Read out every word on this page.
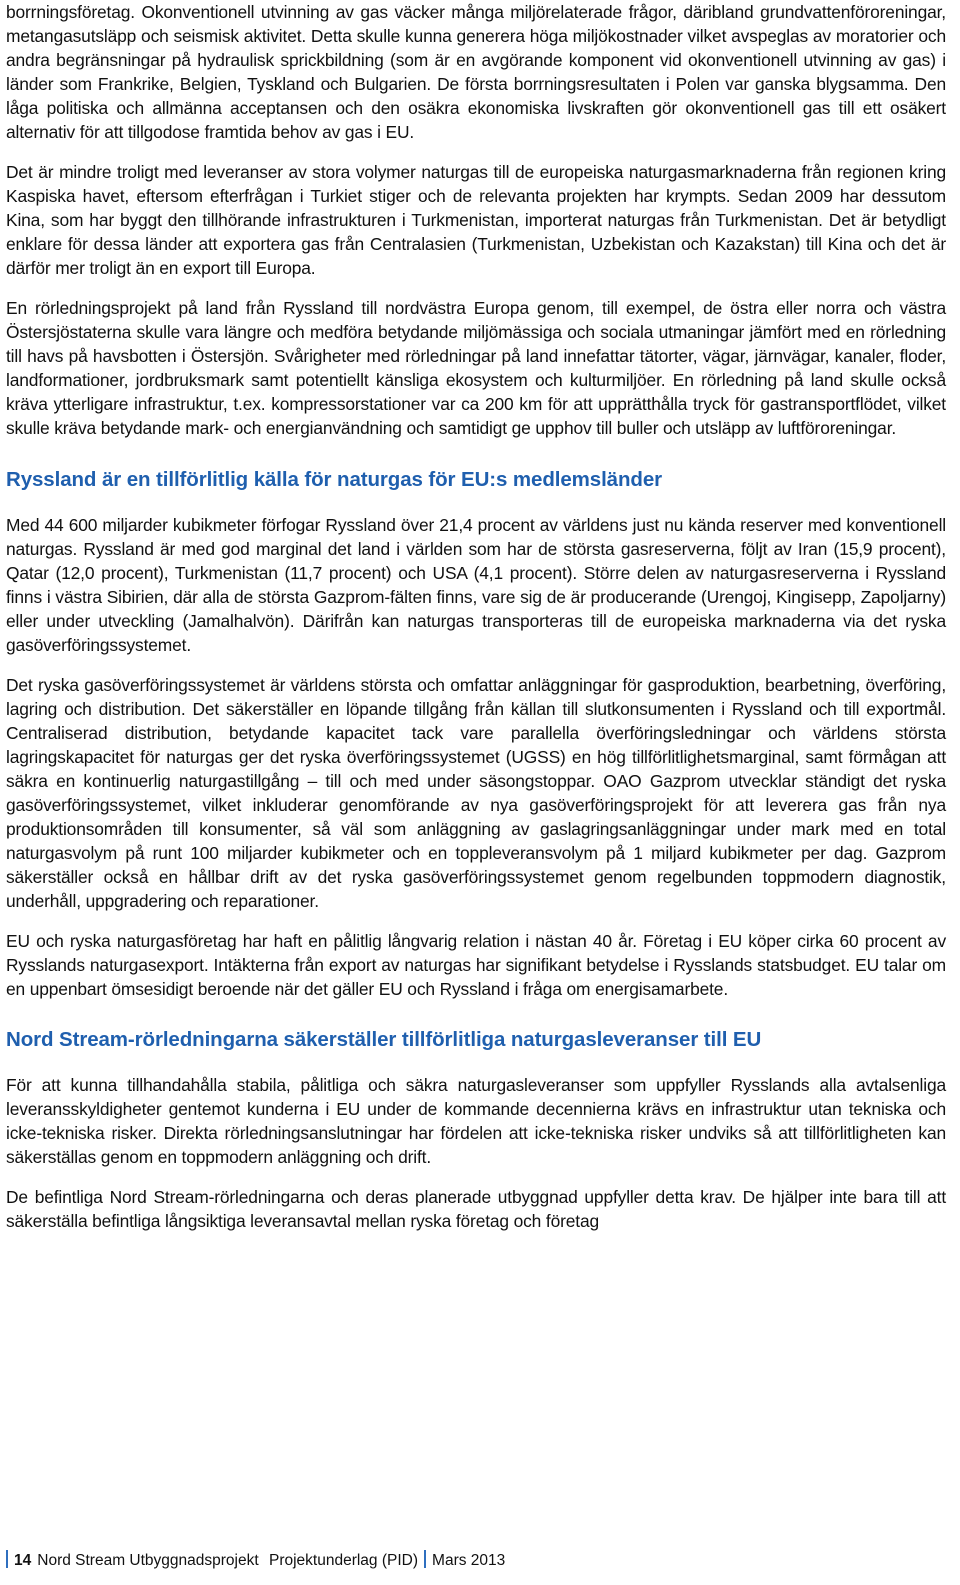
borrningsföretag. Okonventionell utvinning av gas väcker många miljörelaterade frågor, däribland grundvattenföroreningar, metangasutsläpp och seismisk aktivitet. Detta skulle kunna generera höga miljökostnader vilket avspeglas av moratorier och andra begränsningar på hydraulisk sprickbildning (som är en avgörande komponent vid okonventionell utvinning av gas) i länder som Frankrike, Belgien, Tyskland och Bulgarien. De första borrningsresultaten i Polen var ganska blygsamma. Den låga politiska och allmänna acceptansen och den osäkra ekonomiska livskraften gör okonventionell gas till ett osäkert alternativ för att tillgodose framtida behov av gas i EU.

Det är mindre troligt med leveranser av stora volymer naturgas till de europeiska naturgasmarknaderna från regionen kring Kaspiska havet, eftersom efterfrågan i Turkiet stiger och de relevanta projekten har krympts. Sedan 2009 har dessutom Kina, som har byggt den tillhörande infrastrukturen i Turkmenistan, importerat naturgas från Turkmenistan. Det är betydligt enklare för dessa länder att exportera gas från Centralasien (Turkmenistan, Uzbekistan och Kazakstan) till Kina och det är därför mer troligt än en export till Europa.

En rörledningsprojekt på land från Ryssland till nordvästra Europa genom, till exempel, de östra eller norra och västra Östersjöstaterna skulle vara längre och medföra betydande miljömässiga och sociala utmaningar jämfört med en rörledning till havs på havsbotten i Östersjön. Svårigheter med rörledningar på land innefattar tätorter, vägar, järnvägar, kanaler, floder, landformationer, jordbruksmark samt potentiellt känsliga ekosystem och kulturmiljöer. En rörledning på land skulle också kräva ytterligare infrastruktur, t.ex. kompressorstationer var ca 200 km för att upprätthålla tryck för gastransportflödet, vilket skulle kräva betydande mark- och energianvändning och samtidigt ge upphov till buller och utsläpp av luftföroreningar.

Ryssland är en tillförlitlig källa för naturgas för EU:s medlemsländer

Med 44 600 miljarder kubikmeter förfogar Ryssland över 21,4 procent av världens just nu kända reserver med konventionell naturgas. Ryssland är med god marginal det land i världen som har de största gasreserverna, följt av Iran (15,9 procent), Qatar (12,0 procent), Turkmenistan (11,7 procent) och USA (4,1 procent). Större delen av naturgasreserverna i Ryssland finns i västra Sibirien, där alla de största Gazprom-fälten finns, vare sig de är producerande (Urengoj, Kingisepp, Zapoljarny) eller under utveckling (Jamalhalvön). Därifrån kan naturgas transporteras till de europeiska marknaderna via det ryska gasöverföringssystemet.

Det ryska gasöverföringssystemet är världens största och omfattar anläggningar för gasproduktion, bearbetning, överföring, lagring och distribution. Det säkerställer en löpande tillgång från källan till slutkonsumenten i Ryssland och till exportmål. Centraliserad distribution, betydande kapacitet tack vare parallella överföringsledningar och världens största lagringskapacitet för naturgas ger det ryska överföringssystemet (UGSS) en hög tillförlitlighetsmarginal, samt förmågan att säkra en kontinuerlig naturgastillgång – till och med under säsongstoppar. OAO Gazprom utvecklar ständigt det ryska gasöverföringssystemet, vilket inkluderar genomförande av nya gasöverföringsprojekt för att leverera gas från nya produktionsområden till konsumenter, så väl som anläggning av gaslagringsanläggningar under mark med en total naturgasvolym på runt 100 miljarder kubikmeter och en toppleveransvolym på 1 miljard kubikmeter per dag. Gazprom säkerställer också en hållbar drift av det ryska gasöverföringssystemet genom regelbunden toppmodern diagnostik, underhåll, uppgradering och reparationer.

EU och ryska naturgasföretag har haft en pålitlig långvarig relation i nästan 40 år. Företag i EU köper cirka 60 procent av Rysslands naturgasexport. Intäkterna från export av naturgas har signifikant betydelse i Rysslands statsbudget. EU talar om en uppenbart ömsesidigt beroende när det gäller EU och Ryssland i fråga om energisamarbete.

Nord Stream-rörledningarna säkerställer tillförlitliga naturgasleveranser till EU

För att kunna tillhandahålla stabila, pålitliga och säkra naturgasleveranser som uppfyller Rysslands alla avtalsenliga leveransskyldigheter gentemot kunderna i EU under de kommande decennierna krävs en infrastruktur utan tekniska och icke-tekniska risker. Direkta rörledningsanslutningar har fördelen att icke-tekniska risker undviks så att tillförlitligheten kan säkerställas genom en toppmodern anläggning och drift.

De befintliga Nord Stream-rörledningarna och deras planerade utbyggnad uppfyller detta krav. De hjälper inte bara till att säkerställa befintliga långsiktiga leveransavtal mellan ryska företag och företag

14 Nord Stream Utbyggnadsprojekt Projektunderlag (PID) Mars 2013
